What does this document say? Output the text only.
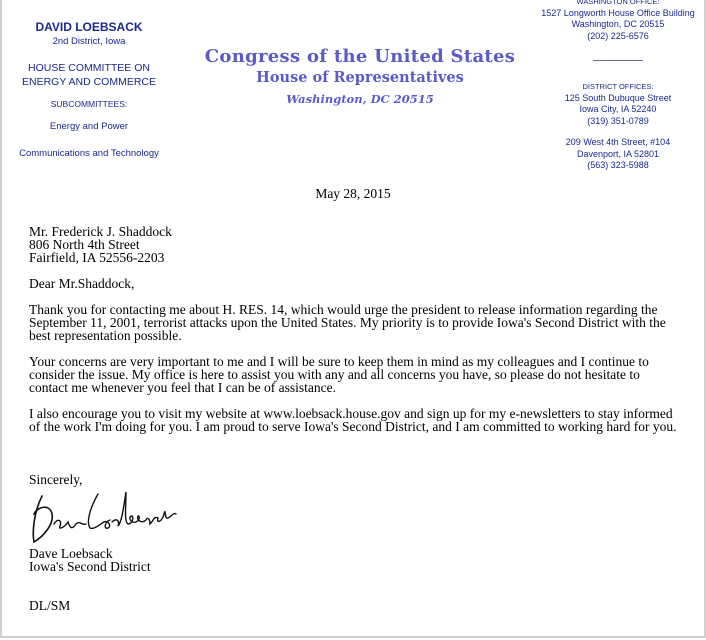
DAVID LOEBSACK
2nd District, Iowa
HOUSE COMMITTEE ON
ENERGY AND COMMERCE
SUBCOMMITTEES:
Energy and Power
Communications and Technology
Congress of the United States
House of Representatives
Washington, DC 20515
WASHINGTON OFFICE:
1527 Longworth House Office Building
Washington, DC 20515
(202) 225-6576
DISTRICT OFFICES:
125 South Dubuque Street
Iowa City, IA 52240
(319) 351-0789
209 West 4th Street, #104
Davenport, IA 52801
(563) 323-5988
May 28, 2015

Mr. Frederick J. Shaddock

806 North 4th Street

Fairfield, IA 52556-2203

Dear Mr.Shaddock,

Thank you for contacting me about H. RES. 14, which would urge the president to release information regarding the September 11, 2001, terrorist attacks upon the United States. My priority is to provide Iowa's Second District with the best representation possible.

Your concerns are very important to me and I will be sure to keep them in mind as my colleagues and I continue to consider the issue. My office is here to assist you with any and all concerns you have, so please do not hesitate to contact me whenever you feel that I can be of assistance.

I also encourage you to visit my website at www.loebsack.house.gov and sign up for my e-newsletters to stay informed of the work I'm doing for you. I am proud to serve Iowa's Second District, and I am committed to working hard for you.

Sincerely,
Dave Loebsack
Iowa's Second District
DL/SM
